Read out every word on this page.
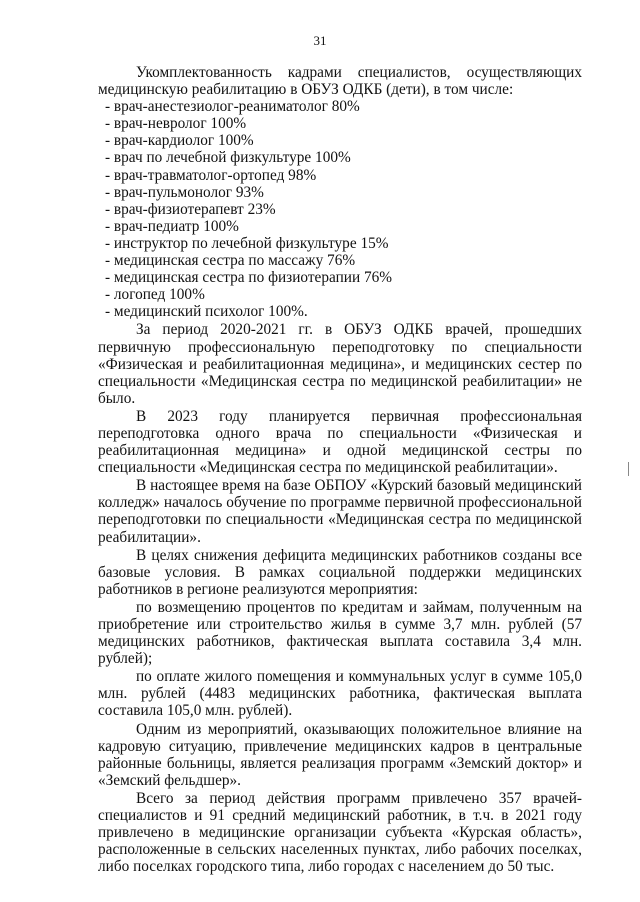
31

Укомплектованность кадрами специалистов, осуществляющих медицинскую реабилитацию в ОБУЗ ОДКБ (дети), в том числе:

- врач-анестезиолог-реаниматолог 80%
- врач-невролог 100%
- врач-кардиолог 100%
- врач по лечебной физкультуре 100%
- врач-травматолог-ортопед 98%
- врач-пульмонолог 93%
- врач-физиотерапевт 23%
- врач-педиатр 100%
- инструктор по лечебной физкультуре 15%
- медицинская сестра по массажу 76%
- медицинская сестра по физиотерапии 76%
- логопед 100%
- медицинский психолог 100%.

За период 2020-2021 гг. в ОБУЗ ОДКБ врачей, прошедших первичную профессиональную переподготовку по специальности «Физическая и реабилитационная медицина», и медицинских сестер по специальности «Медицинская сестра по медицинской реабилитации» не было.

В 2023 году планируется первичная профессиональная переподготовка одного врача по специальности «Физическая и реабилитационная медицина» и одной медицинской сестры по специальности «Медицинская сестра по медицинской реабилитации».

В настоящее время на базе ОБПОУ «Курский базовый медицинский колледж» началось обучение по программе первичной профессиональной переподготовки по специальности «Медицинская сестра по медицинской реабилитации».

В целях снижения дефицита медицинских работников созданы все базовые условия. В рамках социальной поддержки медицинских работников в регионе реализуются мероприятия:

по возмещению процентов по кредитам и займам, полученным на приобретение или строительство жилья в сумме 3,7 млн. рублей (57 медицинских работников, фактическая выплата составила 3,4 млн. рублей);

по оплате жилого помещения и коммунальных услуг в сумме 105,0 млн. рублей (4483 медицинских работника, фактическая выплата составила 105,0 млн. рублей).

Одним из мероприятий, оказывающих положительное влияние на кадровую ситуацию, привлечение медицинских кадров в центральные районные больницы, является реализация программ «Земский доктор» и «Земский фельдшер».

Всего за период действия программ привлечено 357 врачей-специалистов и 91 средний медицинский работник, в т.ч. в 2021 году привлечено в медицинские организации субъекта «Курская область», расположенные в сельских населенных пунктах, либо рабочих поселках, либо поселках городского типа, либо городах с населением до 50 тыс.
